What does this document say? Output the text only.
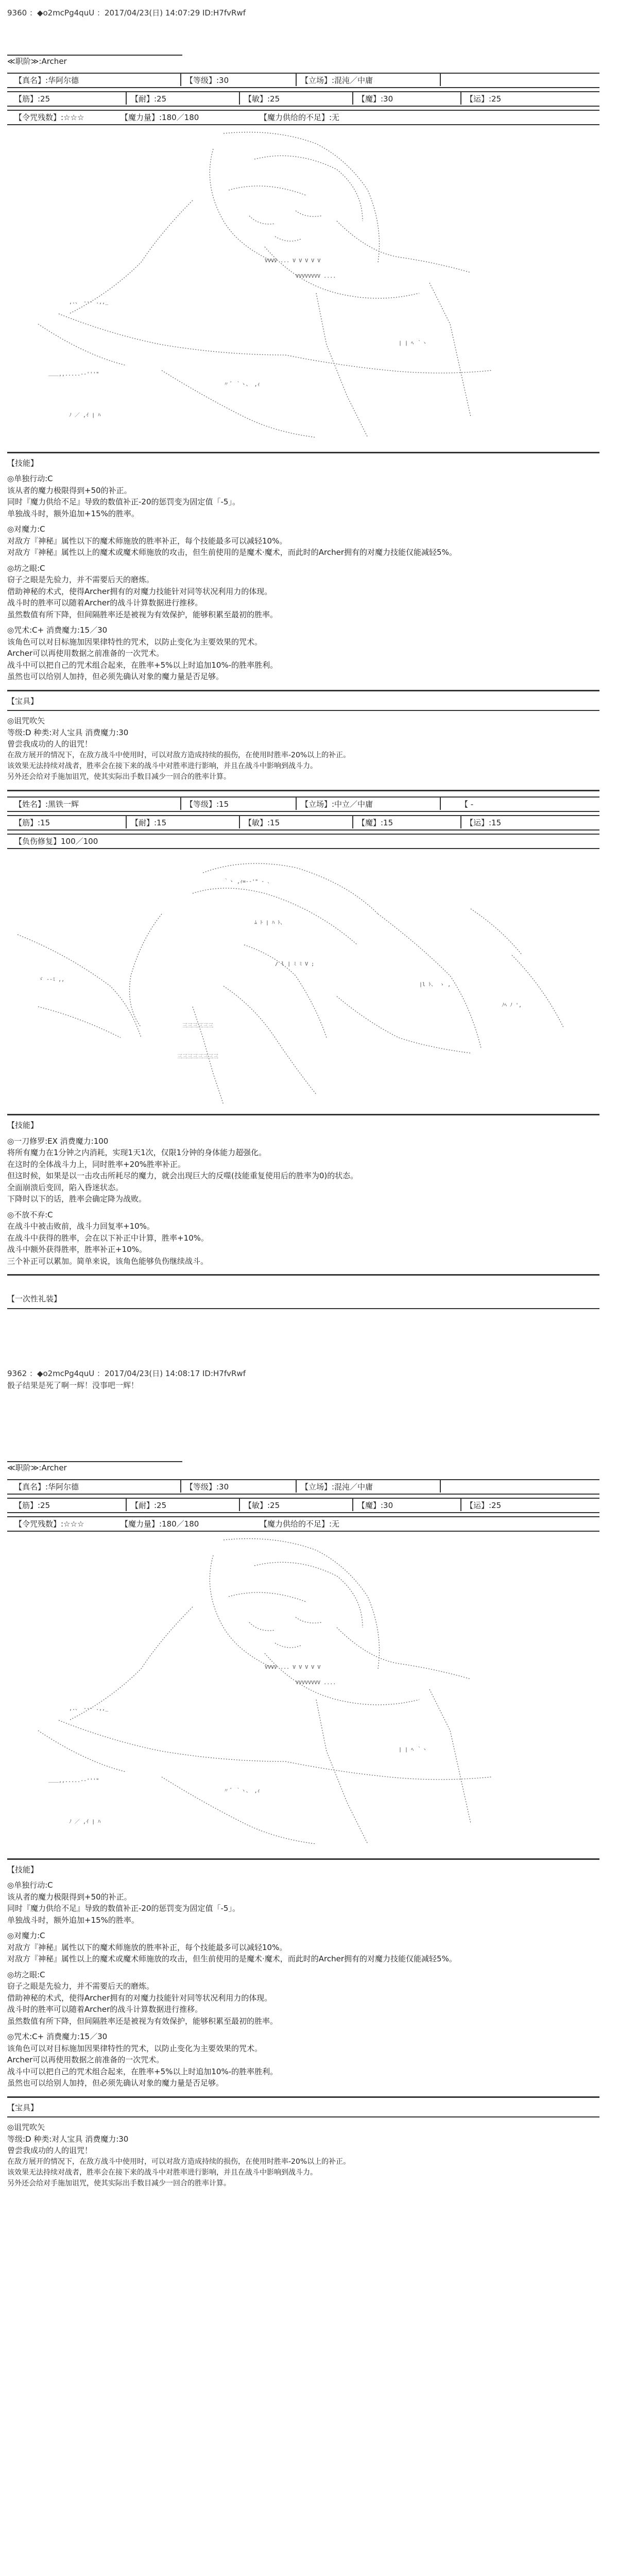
9360 ：◆o2mcPg4quU ：2017/04/23(日) 14:07:29 ID:H7fvRwf
≪职阶≫:Archer
【真名】:华阿尔德	【等级】:30	【立场】:混沌／中庸
【筋】:25	【耐】:25	【敏】:25	【魔】:30	【运】:25
【令咒残数】:☆☆☆	【魔力量】:180／180	【魔力供给的不足】:无
VVVV ... V V V V V
VVVVVVVV ....
,.、 ‐-‐ .,,_
＿＿,,.....-‐'''"
ﾉ ／ ,ｲ | ﾊ
〃 ﾞ ｀ヽ、 ,ｨ
| | ﾍ ｀ヽ
【技能】
◎单独行动:C
该从者的魔力极限得到+50的补正。
同时『魔力供给不足』导致的数值补正-20的惩罚变为固定值「-5」。
单独战斗时，额外追加+15%的胜率。
◎对魔力:C
对敌方『神秘』属性以下的魔术师施放的胜率补正，每个技能最多可以减轻10%。
对敌方『神秘』属性以上的魔术或魔术师施放的攻击，但生前使用的是魔术·魔术，而此时的Archer拥有的对魔力技能仅能减轻5%。
◎坊之眼:C
窃子之眼是先验力，并不需要后天的磨炼。
借助神秘的术式，使得Archer拥有的对魔力技能针对同等状况利用力的体现。
战斗时的胜率可以随着Archer的战斗计算数据进行推移。
虽然数值有所下降，但间隔胜率还是被视为有效保护，能够积累至最初的胜率。
◎咒术:C+ 消费魔力:15／30
该角色可以对目标施加因果律特性的咒术，以防止变化为主要效果的咒术。
Archer可以再使用数据之前准备的一次咒术。
战斗中可以把自己的咒术组合起来，在胜率+5%以上时追加10%-的胜率胜利。
虽然也可以给别人加持，但必须先确认对象的魔力量是否足够。
【宝具】
◎诅咒吹矢
等级:D 种类:对人宝具 消费魔力:30
曾尝我成功的人的诅咒！
在敌方展开的情况下，在敌方战斗中使用时，可以对敌方造成持续的损伤，在使用时胜率-20%以上的补正。
该效果无法持续对战者，胜率会在接下来的战斗中对胜率进行影响，并且在战斗中影响到战斗力。
另外还会给对手施加诅咒，使其实际出手数目减少一回合的胜率计算。
【姓名】:黑铁一辉	【等级】:15	【立场】:中立／中庸	【 -
【筋】:15	【耐】:15	【敏】:15	【魔】:15	【运】:15
【负伤修复】100／100
｀ヽ ,ｨ=-‐'" ‐ ､
ﾑ ﾄ | ﾊ ﾄ、
/ l | ﾐ ﾐ V ;
三三三三三三
三三三三三三三三
|l ﾄ、 ゝ ,
ゞ -‐ﾐ ,,
ﾉﾍ ﾉ ',
【技能】
◎一刀修罗:EX 消费魔力:100
将所有魔力在1分钟之内消耗，实现1天1次，仅限1分钟的身体能力超强化。
在这时的全体战斗力上，同时胜率+20%胜率补正。
但这时候，如果是以一击攻击所耗尽的魔力，就会出现巨大的反噬(技能重复使用后的胜率为0)的状态。
全面崩溃后变回，陷入昏迷状态。
下降时以下的话，胜率会确定降为战败。
◎不放不弃:C
在战斗中被击败前，战斗力回复率+10%。
在战斗中获得的胜率，会在以下补正中计算，胜率+10%。
战斗中额外获得胜率，胜率补正+10%。
三个补正可以累加。简单来说，该角色能够负伤继续战斗。
【一次性礼装】
9362 ：◆o2mcPg4quU ：2017/04/23(日) 14:08:17 ID:H7fvRwf
骰子结果是死了啊一辉！没事吧一辉！
≪职阶≫:Archer
【真名】:华阿尔德	【等级】:30	【立场】:混沌／中庸
【筋】:25	【耐】:25	【敏】:25	【魔】:30	【运】:25
【令咒残数】:☆☆☆	【魔力量】:180／180	【魔力供给的不足】:无
VVVV ... V V V V V
VVVVVVVV ....
,.、 ‐-‐ .,,_
＿＿,,.....-‐'''"
ﾉ ／ ,ｲ | ﾊ
〃 ﾞ ｀ヽ、 ,ｨ
| | ﾍ ｀ヽ
【技能】
◎单独行动:C
该从者的魔力极限得到+50的补正。
同时『魔力供给不足』导致的数值补正-20的惩罚变为固定值「-5」。
单独战斗时，额外追加+15%的胜率。
◎对魔力:C
对敌方『神秘』属性以下的魔术师施放的胜率补正，每个技能最多可以减轻10%。
对敌方『神秘』属性以上的魔术或魔术师施放的攻击，但生前使用的是魔术·魔术，而此时的Archer拥有的对魔力技能仅能减轻5%。
◎坊之眼:C
窃子之眼是先验力，并不需要后天的磨炼。
借助神秘的术式，使得Archer拥有的对魔力技能针对同等状况利用力的体现。
战斗时的胜率可以随着Archer的战斗计算数据进行推移。
虽然数值有所下降，但间隔胜率还是被视为有效保护，能够积累至最初的胜率。
◎咒术:C+ 消费魔力:15／30
该角色可以对目标施加因果律特性的咒术，以防止变化为主要效果的咒术。
Archer可以再使用数据之前准备的一次咒术。
战斗中可以把自己的咒术组合起来，在胜率+5%以上时追加10%-的胜率胜利。
虽然也可以给别人加持，但必须先确认对象的魔力量是否足够。
【宝具】
◎诅咒吹矢
等级:D 种类:对人宝具 消费魔力:30
曾尝我成功的人的诅咒！
在敌方展开的情况下，在敌方战斗中使用时，可以对敌方造成持续的损伤，在使用时胜率-20%以上的补正。
该效果无法持续对战者，胜率会在接下来的战斗中对胜率进行影响，并且在战斗中影响到战斗力。
另外还会给对手施加诅咒，使其实际出手数目减少一回合的胜率计算。
